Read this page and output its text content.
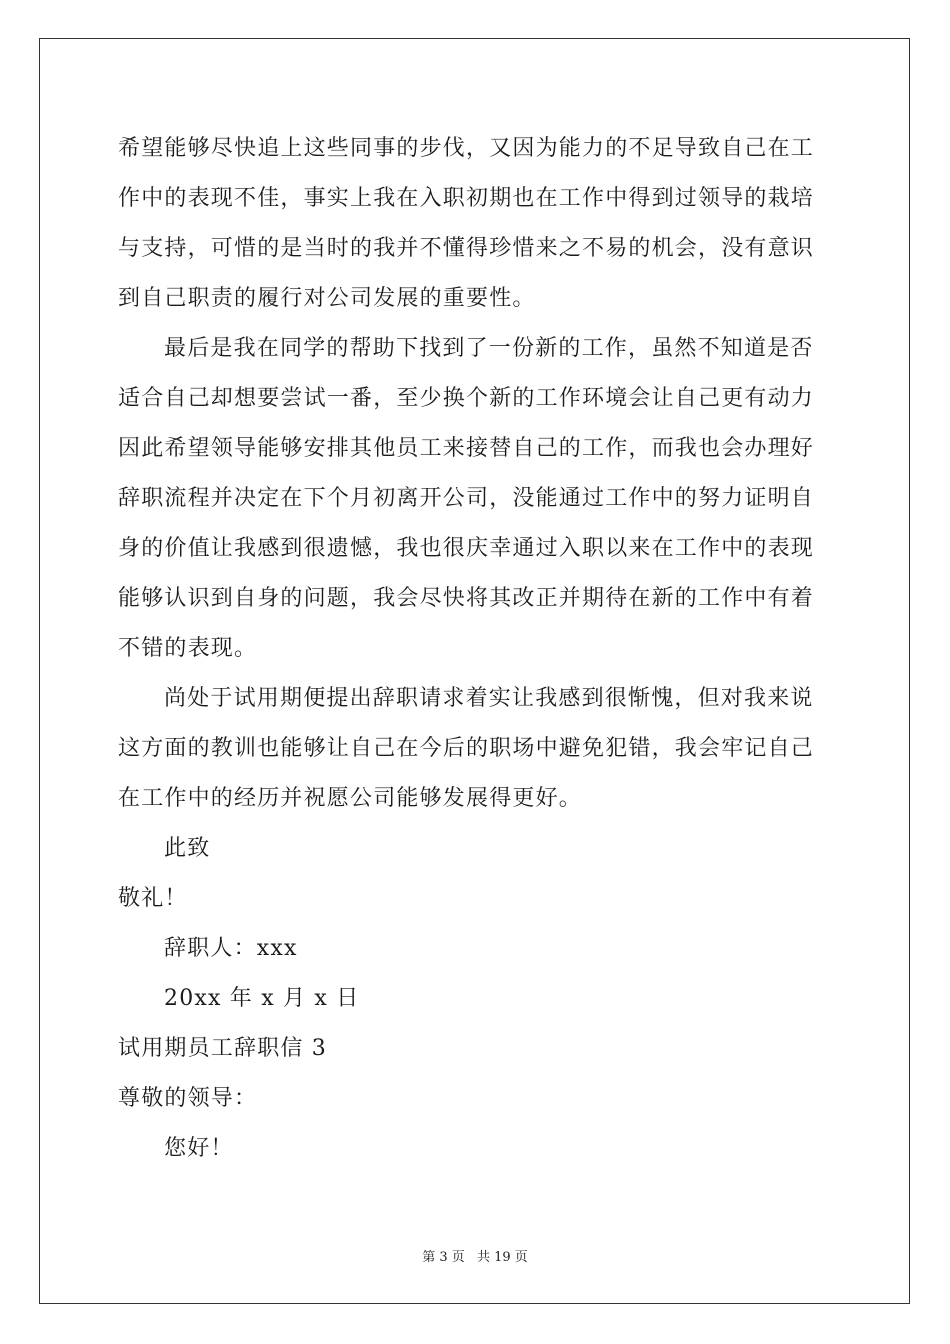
希望能够尽快追上这些同事的步伐，又因为能力的不足导致自己在工
作中的表现不佳，事实上我在入职初期也在工作中得到过领导的栽培
与支持，可惜的是当时的我并不懂得珍惜来之不易的机会，没有意识
到自己职责的履行对公司发展的重要性。
最后是我在同学的帮助下找到了一份新的工作，虽然不知道是否
适合自己却想要尝试一番，至少换个新的工作环境会让自己更有动力
因此希望领导能够安排其他员工来接替自己的工作，而我也会办理好
辞职流程并决定在下个月初离开公司，没能通过工作中的努力证明自
身的价值让我感到很遗憾，我也很庆幸通过入职以来在工作中的表现
能够认识到自身的问题，我会尽快将其改正并期待在新的工作中有着
不错的表现。
尚处于试用期便提出辞职请求着实让我感到很惭愧，但对我来说
这方面的教训也能够让自己在今后的职场中避免犯错，我会牢记自己
在工作中的经历并祝愿公司能够发展得更好。
此致
敬礼！
辞职人：xxx
20xx 年 x 月 x 日
试用期员工辞职信 3
尊敬的领导：
您好！
第 3 页 共 19 页
